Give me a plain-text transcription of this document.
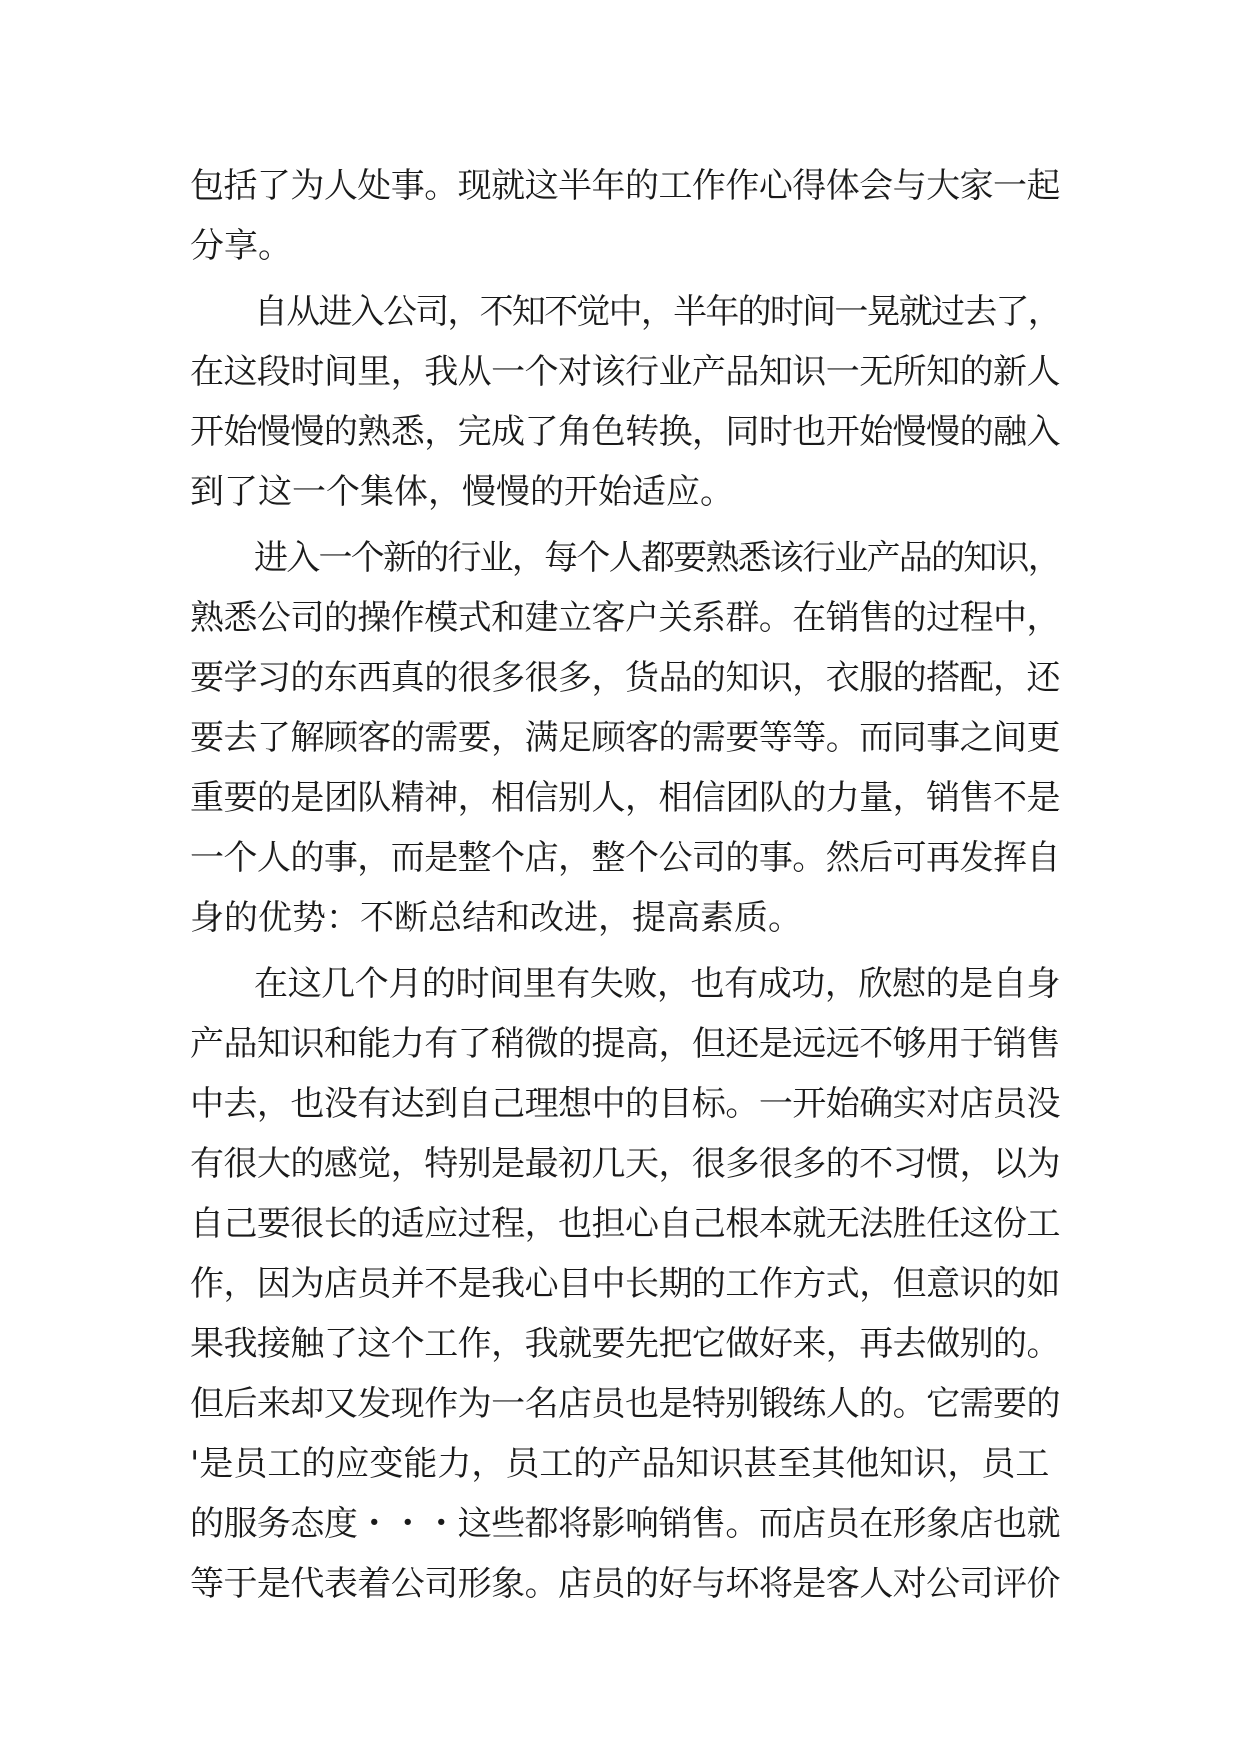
包括了为人处事。现就这半年的工作作心得体会与大家一起
分享。
自从进入公司，不知不觉中，半年的时间一晃就过去了，
在这段时间里，我从一个对该行业产品知识一无所知的新人
开始慢慢的熟悉，完成了角色转换，同时也开始慢慢的融入
到了这一个集体，慢慢的开始适应。
进入一个新的行业，每个人都要熟悉该行业产品的知识，
熟悉公司的操作模式和建立客户关系群。在销售的过程中，
要学习的东西真的很多很多，货品的知识，衣服的搭配，还
要去了解顾客的需要，满足顾客的需要等等。而同事之间更
重要的是团队精神，相信别人，相信团队的力量，销售不是
一个人的事，而是整个店，整个公司的事。然后可再发挥自
身的优势：不断总结和改进，提高素质。
在这几个月的时间里有失败，也有成功，欣慰的是自身
产品知识和能力有了稍微的提高，但还是远远不够用于销售
中去，也没有达到自己理想中的目标。一开始确实对店员没
有很大的感觉，特别是最初几天，很多很多的不习惯，以为
自己要很长的适应过程，也担心自己根本就无法胜任这份工
作，因为店员并不是我心目中长期的工作方式，但意识的如
果我接触了这个工作，我就要先把它做好来，再去做别的。
但后来却又发现作为一名店员也是特别锻练人的。它需要的
'是员工的应变能力，员工的产品知识甚至其他知识，员工
的服务态度・・・这些都将影响销售。而店员在形象店也就
等于是代表着公司形象。店员的好与坏将是客人对公司评价
